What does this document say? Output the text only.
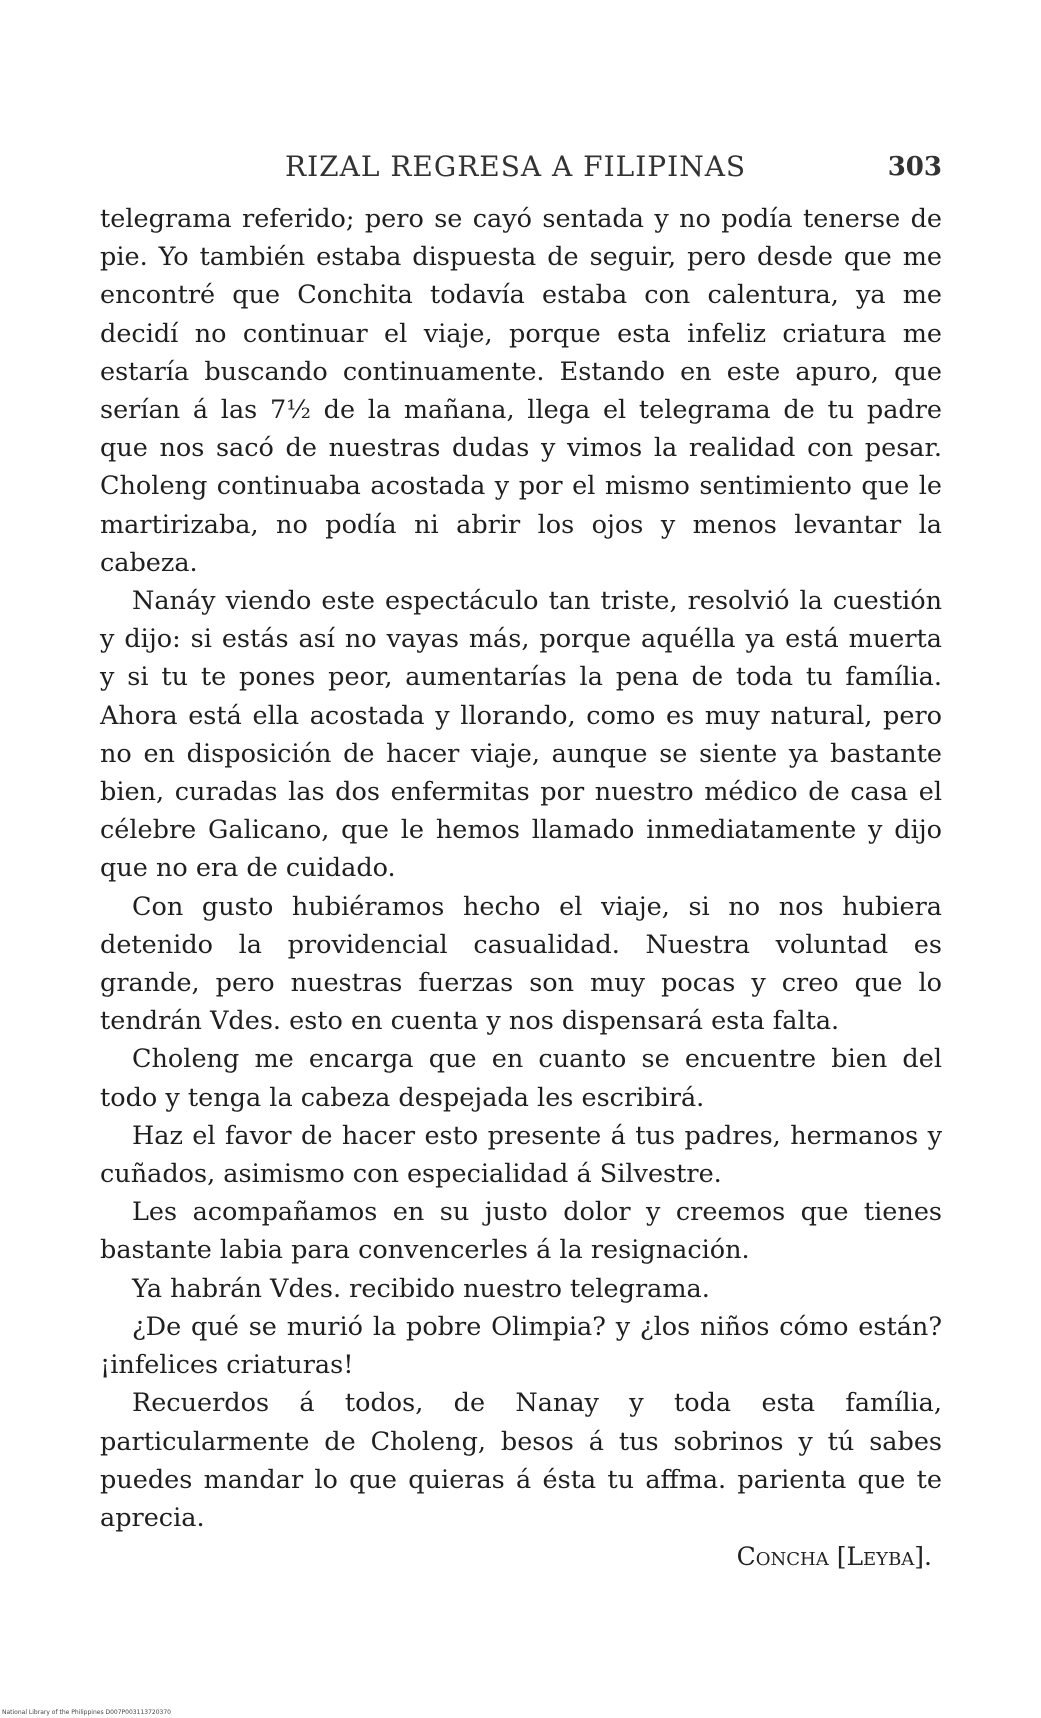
RIZAL REGRESA A FILIPINAS	303

telegrama referido; pero se cayó sentada y no podía tenerse de pie. Yo también estaba dispuesta de seguir, pero desde que me encontré que Conchita todavía estaba con calentura, ya me decidí no continuar el viaje, porque esta infeliz criatura me estaría buscando continuamente. Estando en este apuro, que serían á las 7½ de la mañana, llega el telegrama de tu padre que nos sacó de nuestras dudas y vimos la realidad con pesar. Choleng continuaba acostada y por el mismo sentimiento que le martirizaba, no podía ni abrir los ojos y menos levantar la cabeza.

Nanáy viendo este espectáculo tan triste, resolvió la cuestión y dijo: si estás así no vayas más, porque aquélla ya está muerta y si tu te pones peor, aumentarías la pena de toda tu família. Ahora está ella acostada y llorando, como es muy natural, pero no en disposición de hacer viaje, aunque se siente ya bastante bien, curadas las dos enfermitas por nuestro médico de casa el célebre Galicano, que le hemos llamado inmediatamente y dijo que no era de cuidado.

Con gusto hubiéramos hecho el viaje, si no nos hubiera detenido la providencial casualidad. Nuestra voluntad es grande, pero nuestras fuerzas son muy pocas y creo que lo tendrán Vdes. esto en cuenta y nos dispensará esta falta.

Choleng me encarga que en cuanto se encuentre bien del todo y tenga la cabeza despejada les escribirá.

Haz el favor de hacer esto presente á tus padres, hermanos y cuñados, asimismo con especialidad á Silvestre.

Les acompañamos en su justo dolor y creemos que tienes bastante labia para convencerles á la resignación.

Ya habrán Vdes. recibido nuestro telegrama.

¿De qué se murió la pobre Olimpia? y ¿los niños cómo están? ¡infelices criaturas!

Recuerdos á todos, de Nanay y toda esta família, particularmente de Choleng, besos á tus sobrinos y tú sabes puedes mandar lo que quieras á ésta tu affma. parienta que te aprecia.

Concha [Leyba].
National Library of the Philippines D007P003113720370
